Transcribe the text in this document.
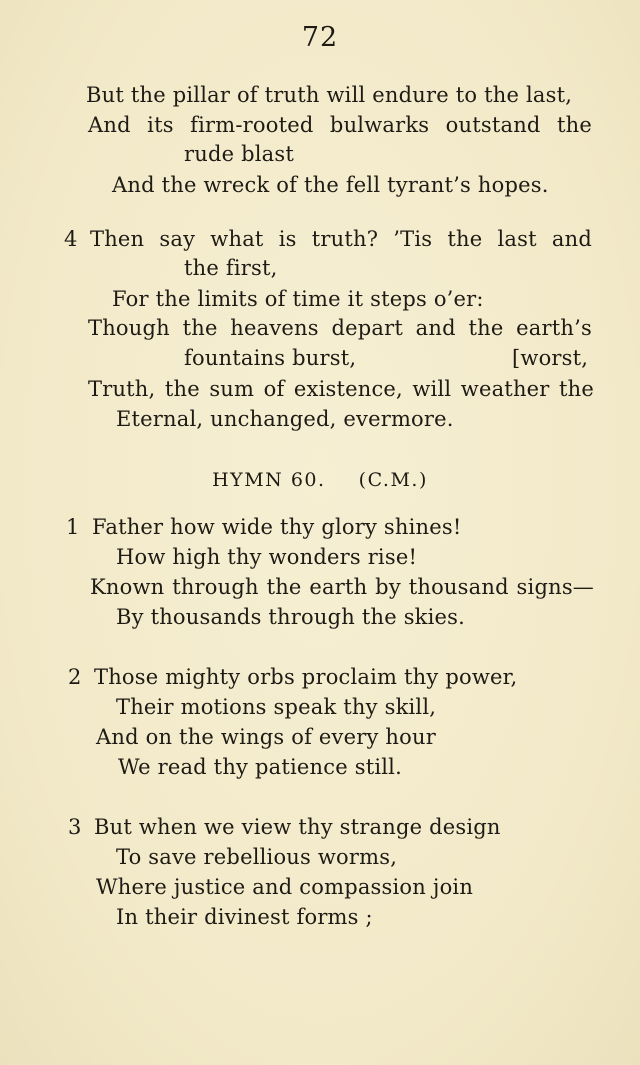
72
But the pillar of truth will endure to the last,
And its firm-rooted bulwarks outstand the
rude blast
And the wreck of the fell tyrant’s hopes.
4 Then say what is truth? ’Tis the last and
the first,
For the limits of time it steps o’er:
Though the heavens depart and the earth’s
fountains burst,	[worst,
Truth, the sum of existence, will weather the
Eternal, unchanged, evermore.
HYMN 60. (C.M.)
1 Father how wide thy glory shines!
How high thy wonders rise!
Known through the earth by thousand signs—
By thousands through the skies.
2 Those mighty orbs proclaim thy power,
Their motions speak thy skill,
And on the wings of every hour
We read thy patience still.
3 But when we view thy strange design
To save rebellious worms,
Where justice and compassion join
In their divinest forms ;
